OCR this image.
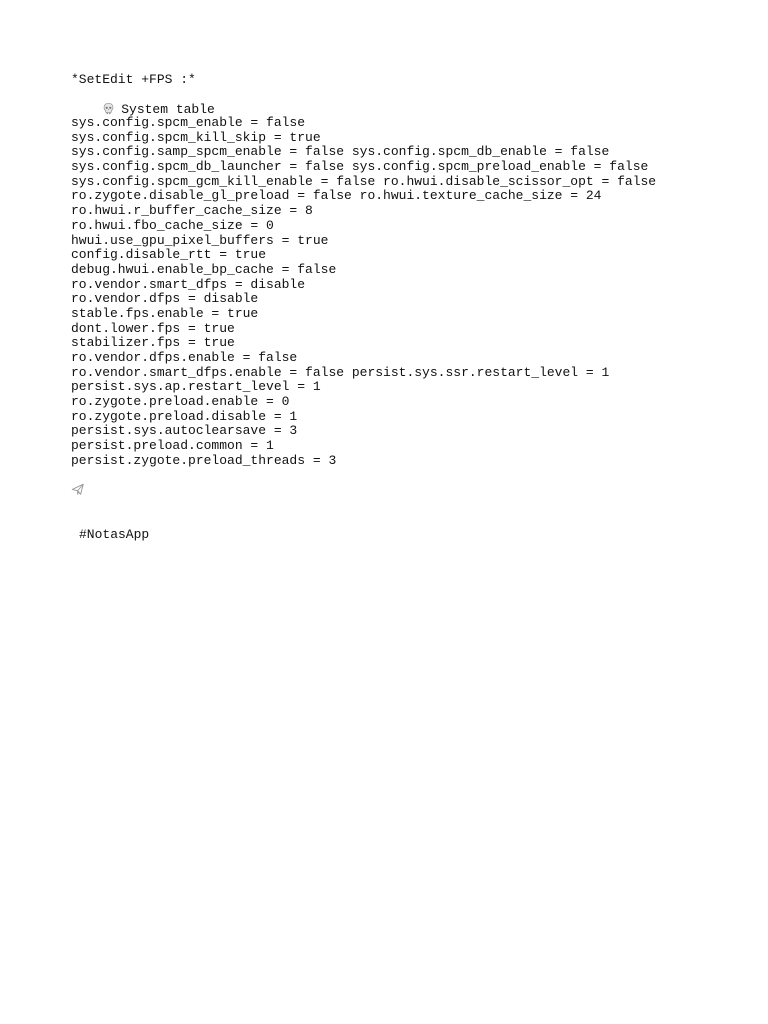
*SetEdit +FPS :*

System table

sys.config.spcm_enable = false
sys.config.spcm_kill_skip = true
sys.config.samp_spcm_enable = false sys.config.spcm_db_enable = false
sys.config.spcm_db_launcher = false sys.config.spcm_preload_enable = false
sys.config.spcm_gcm_kill_enable = false ro.hwui.disable_scissor_opt = false
ro.zygote.disable_gl_preload = false ro.hwui.texture_cache_size = 24
ro.hwui.r_buffer_cache_size = 8
ro.hwui.fbo_cache_size = 0
hwui.use_gpu_pixel_buffers = true
config.disable_rtt = true
debug.hwui.enable_bp_cache = false
ro.vendor.smart_dfps = disable
ro.vendor.dfps = disable
stable.fps.enable = true
dont.lower.fps = true
stabilizer.fps = true
ro.vendor.dfps.enable = false
ro.vendor.smart_dfps.enable = false persist.sys.ssr.restart_level = 1
persist.sys.ap.restart_level = 1
ro.zygote.preload.enable = 0
ro.zygote.preload.disable = 1
persist.sys.autoclearsave = 3
persist.preload.common = 1
persist.zygote.preload_threads = 3
#NotasApp
